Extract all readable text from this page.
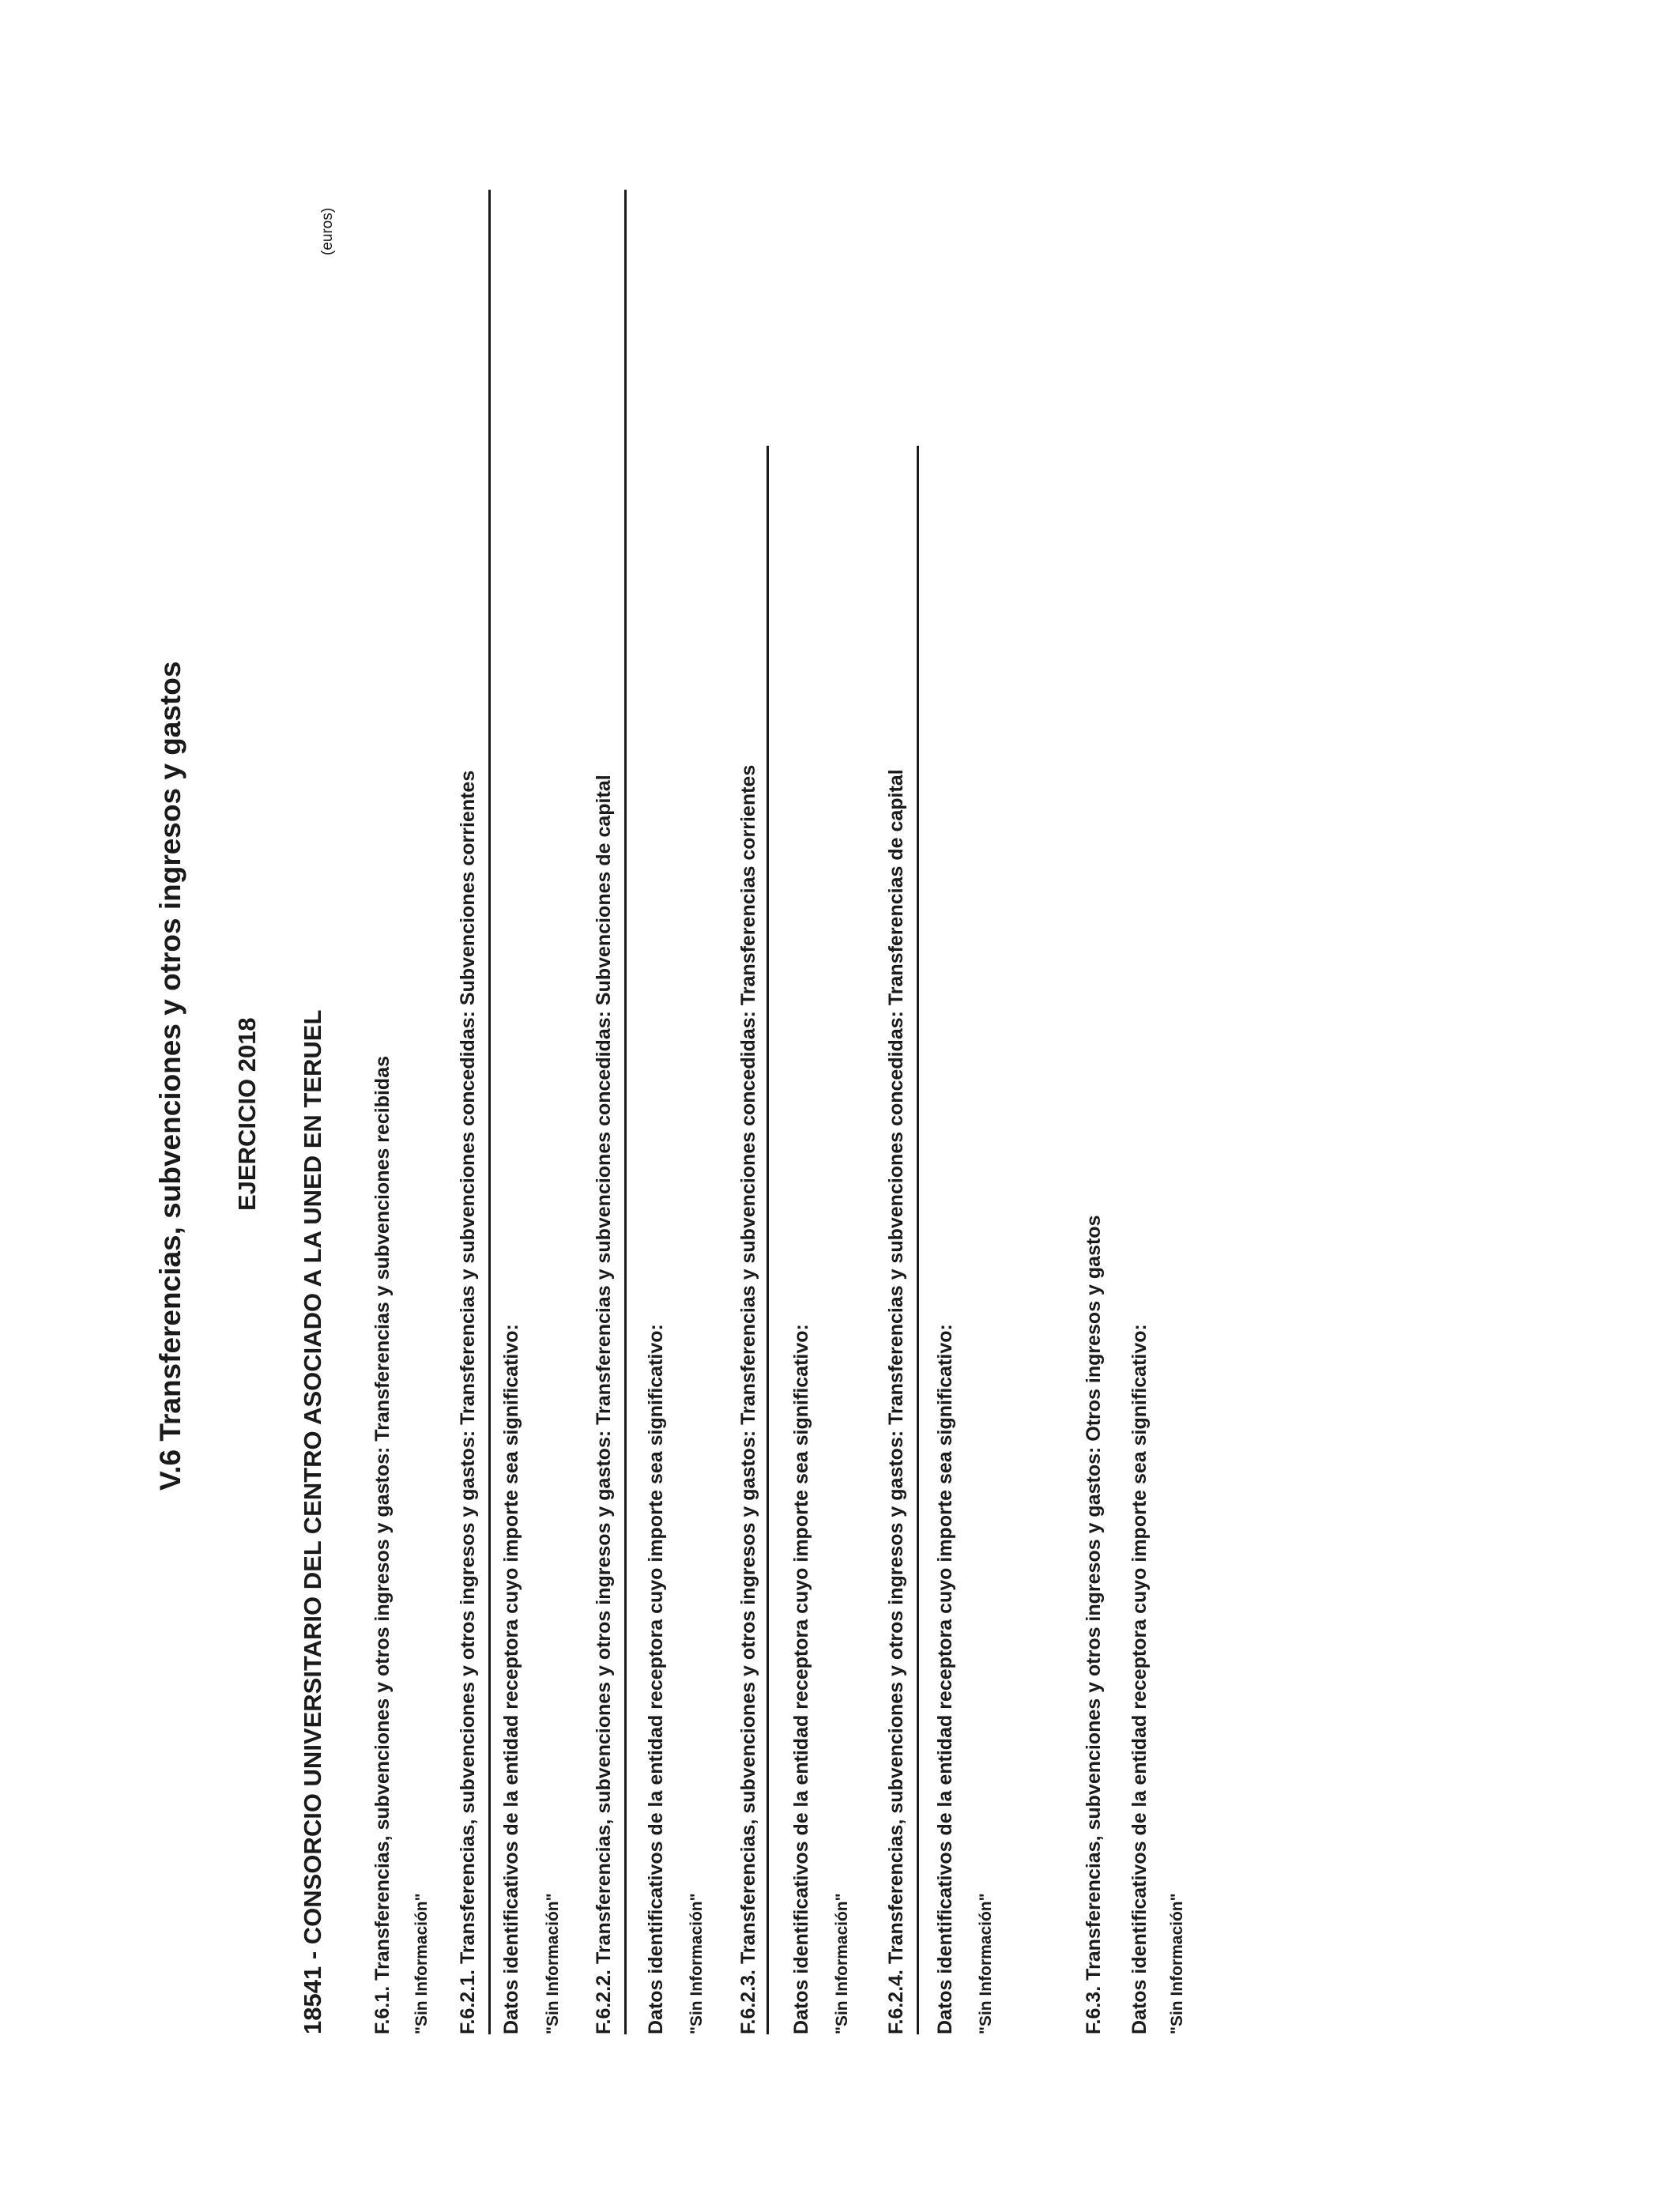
V.6 Transferencias, subvenciones y otros ingresos y gastos EJERCICIO 2018 18541 - CONSORCIO UNIVERSITARIO DEL CENTRO ASOCIADO A LA UNED EN TERUEL
(euros)
F.6.1. Transferencias, subvenciones y otros ingresos y gastos: Transferencias y subvenciones recibidas "Sin Información" F.6.2.1. Transferencias, subvenciones y otros ingresos y gastos: Transferencias y subvenciones concedidas: Subvenciones corrientes Datos identificativos de la entidad receptora cuyo importe sea significativo: "Sin Información" F.6.2.2. Transferencias, subvenciones y otros ingresos y gastos: Transferencias y subvenciones concedidas: Subvenciones de capital Datos identificativos de la entidad receptora cuyo importe sea significativo: "Sin Información" F.6.2.3. Transferencias, subvenciones y otros ingresos y gastos: Transferencias y subvenciones concedidas: Transferencias corrientes Datos identificativos de la entidad receptora cuyo importe sea significativo: "Sin Información" F.6.2.4. Transferencias, subvenciones y otros ingresos y gastos: Transferencias y subvenciones concedidas: Transferencias de capital Datos identificativos de la entidad receptora cuyo importe sea significativo: "Sin Información"	F.6.3. Transferencias, subvenciones y otros ingresos y gastos: Otros ingresos y gastos Datos identificativos de la entidad receptora cuyo importe sea significativo: "Sin Información"
